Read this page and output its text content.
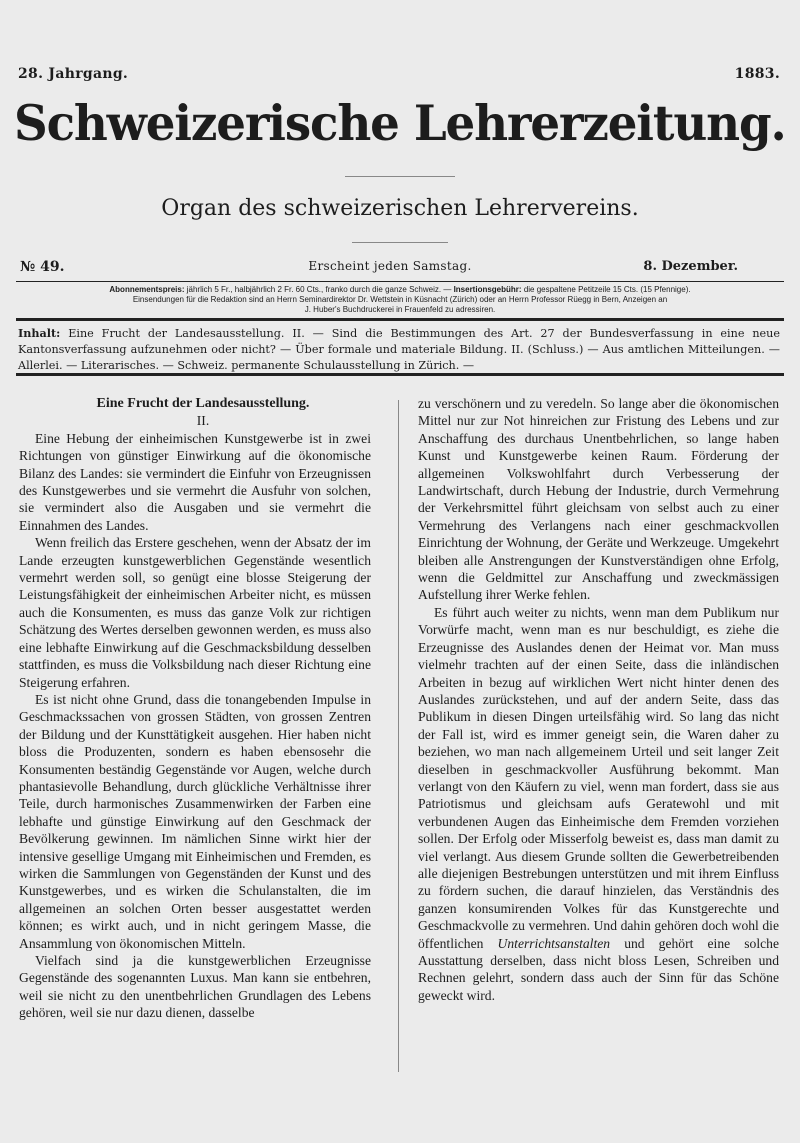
28. Jahrgang.	1883.
Schweizerische Lehrerzeitung.
Organ des schweizerischen Lehrervereins.
№ 49.	Erscheint jeden Samstag.	8. Dezember.
Abonnementspreis: jährlich 5 Fr., halbjährlich 2 Fr. 60 Cts., franko durch die ganze Schweiz. — Insertionsgebühr: die gespaltene Petitzeile 15 Cts. (15 Pfennige).
Einsendungen für die Redaktion sind an Herrn Seminardirektor Dr. Wettstein in Küsnacht (Zürich) oder an Herrn Professor Rüegg in Bern, Anzeigen an
J. Huber's Buchdruckerei in Frauenfeld zu adressiren.
Inhalt: Eine Frucht der Landesausstellung. II. — Sind die Bestimmungen des Art. 27 der Bundesverfassung in eine neue Kantonsverfassung aufzunehmen oder nicht? — Über formale und materiale Bildung. II. (Schluss.) — Aus amtlichen Mitteilungen. — Allerlei. — Literarisches. — Schweiz. permanente Schulausstellung in Zürich. —

Eine Frucht der Landesausstellung.

II.

Eine Hebung der einheimischen Kunstgewerbe ist in zwei Richtungen von günstiger Einwirkung auf die ökonomische Bilanz des Landes: sie vermindert die Einfuhr von Erzeugnissen des Kunstgewerbes und sie vermehrt die Ausfuhr von solchen, sie vermindert also die Ausgaben und sie vermehrt die Einnahmen des Landes.

Wenn freilich das Erstere geschehen, wenn der Absatz der im Lande erzeugten kunstgewerblichen Gegenstände wesentlich vermehrt werden soll, so genügt eine blosse Steigerung der Leistungsfähigkeit der einheimischen Arbeiter nicht, es müssen auch die Konsumenten, es muss das ganze Volk zur richtigen Schätzung des Wertes derselben gewonnen werden, es muss also eine lebhafte Einwirkung auf die Geschmacksbildung desselben stattfinden, es muss die Volksbildung nach dieser Richtung eine Steigerung erfahren.

Es ist nicht ohne Grund, dass die tonangebenden Impulse in Geschmackssachen von grossen Städten, von grossen Zentren der Bildung und der Kunsttätigkeit ausgehen. Hier haben nicht bloss die Produzenten, sondern es haben ebensosehr die Konsumenten beständig Gegenstände vor Augen, welche durch phantasievolle Behandlung, durch glückliche Verhältnisse ihrer Teile, durch harmonisches Zusammenwirken der Farben eine lebhafte und günstige Einwirkung auf den Geschmack der Bevölkerung gewinnen. Im nämlichen Sinne wirkt hier der intensive gesellige Umgang mit Einheimischen und Fremden, es wirken die Sammlungen von Gegenständen der Kunst und des Kunstgewerbes, und es wirken die Schulanstalten, die im allgemeinen an solchen Orten besser ausgestattet werden können; es wirkt auch, und in nicht geringem Masse, die Ansammlung von ökonomischen Mitteln.

Vielfach sind ja die kunstgewerblichen Erzeugnisse Gegenstände des sogenannten Luxus. Man kann sie entbehren, weil sie nicht zu den unentbehrlichen Grundlagen des Lebens gehören, weil sie nur dazu dienen, dasselbe

zu verschönern und zu veredeln. So lange aber die ökonomischen Mittel nur zur Not hinreichen zur Fristung des Lebens und zur Anschaffung des durchaus Unentbehrlichen, so lange haben Kunst und Kunstgewerbe keinen Raum. Förderung der allgemeinen Volkswohlfahrt durch Verbesserung der Landwirtschaft, durch Hebung der Industrie, durch Vermehrung der Verkehrsmittel führt gleichsam von selbst auch zu einer Vermehrung des Verlangens nach einer geschmackvollen Einrichtung der Wohnung, der Geräte und Werkzeuge. Umgekehrt bleiben alle Anstrengungen der Kunstverständigen ohne Erfolg, wenn die Geldmittel zur Anschaffung und zweckmässigen Aufstellung ihrer Werke fehlen.

Es führt auch weiter zu nichts, wenn man dem Publikum nur Vorwürfe macht, wenn man es nur beschuldigt, es ziehe die Erzeugnisse des Auslandes denen der Heimat vor. Man muss vielmehr trachten auf der einen Seite, dass die inländischen Arbeiten in bezug auf wirklichen Wert nicht hinter denen des Auslandes zurückstehen, und auf der andern Seite, dass das Publikum in diesen Dingen urteilsfähig wird. So lang das nicht der Fall ist, wird es immer geneigt sein, die Waren daher zu beziehen, wo man nach allgemeinem Urteil und seit langer Zeit dieselben in geschmackvoller Ausführung bekommt. Man verlangt von den Käufern zu viel, wenn man fordert, dass sie aus Patriotismus und gleichsam aufs Geratewohl und mit verbundenen Augen das Einheimische dem Fremden vorziehen sollen. Der Erfolg oder Misserfolg beweist es, dass man damit zu viel verlangt. Aus diesem Grunde sollten die Gewerbetreibenden alle diejenigen Bestrebungen unterstützen und mit ihrem Einfluss zu fördern suchen, die darauf hinzielen, das Verständnis des ganzen konsumirenden Volkes für das Kunstgerechte und Geschmackvolle zu vermehren. Und dahin gehören doch wohl die öffentlichen Unterrichtsanstalten und gehört eine solche Ausstattung derselben, dass nicht bloss Lesen, Schreiben und Rechnen gelehrt, sondern dass auch der Sinn für das Schöne geweckt wird.
